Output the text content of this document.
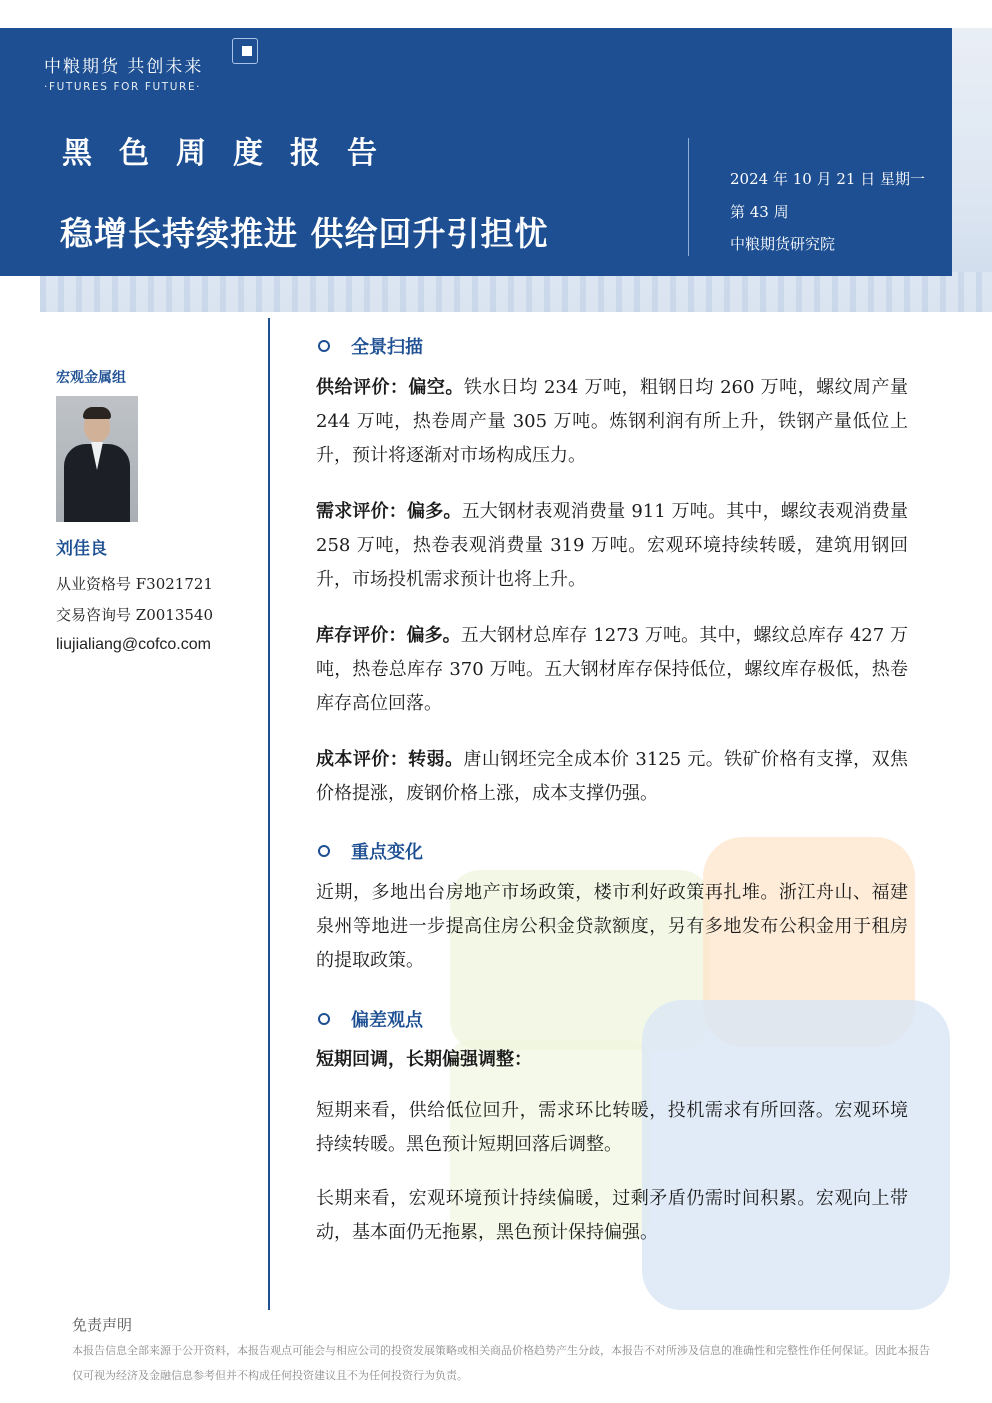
中粮期货 共创未来
·FUTURES FOR FUTURE·
黑色周度报告
稳增长持续推进 供给回升引担忧
2024 年 10 月 21 日 星期一
第 43 周
中粮期货研究院
宏观金属组
刘佳良
从业资格号 F3021721
交易咨询号 Z0013540
liujialiang@cofco.com
全景扫描
供给评价：偏空。铁水日均 234 万吨，粗钢日均 260 万吨，螺纹周产量 244 万吨，热卷周产量 305 万吨。炼钢利润有所上升，铁钢产量低位上升，预计将逐渐对市场构成压力。
需求评价：偏多。五大钢材表观消费量 911 万吨。其中，螺纹表观消费量 258 万吨，热卷表观消费量 319 万吨。宏观环境持续转暖，建筑用钢回升，市场投机需求预计也将上升。
库存评价：偏多。五大钢材总库存 1273 万吨。其中，螺纹总库存 427 万吨，热卷总库存 370 万吨。五大钢材库存保持低位，螺纹库存极低，热卷库存高位回落。
成本评价：转弱。唐山钢坯完全成本价 3125 元。铁矿价格有支撑，双焦价格提涨，废钢价格上涨，成本支撑仍强。
重点变化
近期，多地出台房地产市场政策，楼市利好政策再扎堆。浙江舟山、福建泉州等地进一步提高住房公积金贷款额度，另有多地发布公积金用于租房的提取政策。
偏差观点
短期回调，长期偏强调整：
短期来看，供给低位回升，需求环比转暖，投机需求有所回落。宏观环境持续转暖。黑色预计短期回落后调整。
长期来看，宏观环境预计持续偏暖，过剩矛盾仍需时间积累。宏观向上带动，基本面仍无拖累，黑色预计保持偏强。
免责声明
本报告信息全部来源于公开资料，本报告观点可能会与相应公司的投资发展策略或相关商品价格趋势产生分歧，本报告不对所涉及信息的准确性和完整性作任何保证。因此本报告仅可视为经济及金融信息参考但并不构成任何投资建议且不为任何投资行为负责。
